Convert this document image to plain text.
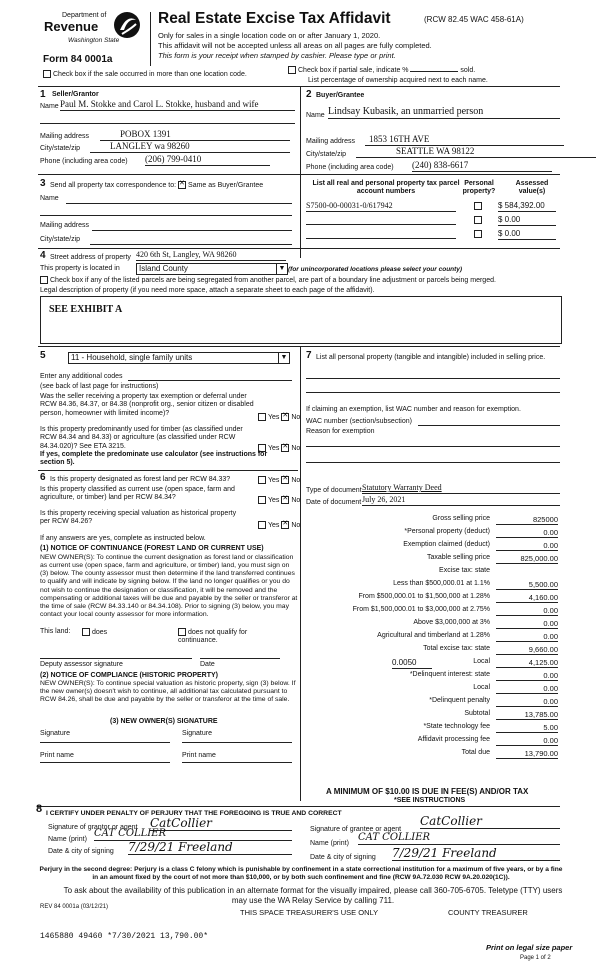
Department of
Revenue
Washington State
Form 84 0001a
Real Estate Excise Tax Affidavit	(RCW 82.45 WAC 458-61A)
Only for sales in a single location code on or after January 1, 2020.
This affidavit will not be accepted unless all areas on all pages are fully completed.
This form is your receipt when stamped by cashier. Please type or print.
Check box if the sale occurred in more than one location code.
Check box if partial sale, indicate %	sold.
List percentage of ownership acquired next to each name.
1 Seller/Grantor
Name Paul M. Stokke and Carol L. Stokke, husband and wife
Mailing address	POBOX 1391
City/state/zip	LANGLEY wa 98260
Phone (including area code) (206) 799-0410
2 Buyer/Grantee
Name Lindsay Kubasik, an unmarried person
Mailing address	1853 16TH AVE
City/state/zip	SEATTLE WA 98122
Phone (including area code) (240) 838-6617
3 Send all property tax correspondence to: ✕ Same as Buyer/Grantee
Name
Mailing address
City/state/zip
List all real and personal property tax parcel account numbers
Personal property?
Assessed value(s)
S7500-00-00031-0/617942	$ 584,392.00
$ 0.00
$ 0.00
4 Street address of property 420 6th St, Langley, WA 98260
This property is located in	Island County	▼ (for unincorporated locations please select your county)
Check box if any of the listed parcels are being segregated from another parcel, are part of a boundary line adjustment or parcels being merged.
Legal description of property (if you need more space, attach a separate sheet to each page of the affidavit).
SEE EXHIBIT A
5	11 - Household, single family units	▼
Enter any additional codes
(see back of last page for instructions)
Was the seller receiving a property tax exemption or deferral under RCW 84.36, 84.37, or 84.38 (nonprofit org., senior citizen or disabled person, homeowner with limited income)?
Yes ✕ No
Is this property predominantly used for timber (as classified under RCW 84.34 and 84.33) or agriculture (as classified under RCW 84.34.020)? See ETA 3215.	Yes ✕ No
If yes, complete the predominate use calculator (see instructions for section 5).
6 Is this property designated as forest land per RCW 84.33?	Yes ✕ No
Is this property classified as current use (open space, farm and agriculture, or timber) land per RCW 84.34?	Yes ✕ No
Is this property receiving special valuation as historical property per RCW 84.26?	Yes ✕ No
If any answers are yes, complete as instructed below.
(1) NOTICE OF CONTINUANCE (FOREST LAND OR CURRENT USE)
NEW OWNER(S): To continue the current designation as forest land or classification as current use (open space, farm and agriculture, or timber) land, you must sign on (3) below. The county assessor must then determine if the land transferred continues to qualify and will indicate by signing below. If the land no longer qualifies or you do not wish to continue the designation or classification, it will be removed and the compensating or additional taxes will be due and payable by the seller or transferor at the time of sale (RCW 84.33.140 or 84.34.108). Prior to signing (3) below, you may contact your local county assessor for more information.
This land:	does	does not qualify for continuance.
Deputy assessor signature	Date
(2) NOTICE OF COMPLIANCE (HISTORIC PROPERTY)
NEW OWNER(S): To continue special valuation as historic property, sign (3) below. If the new owner(s) doesn't wish to continue, all additional tax calculated pursuant to RCW 84.26, shall be due and payable by the seller or transferor at the time of sale.
(3) NEW OWNER(S) SIGNATURE
Signature	Signature
Print name	Print name
7 List all personal property (tangible and intangible) included in selling price.
If claiming an exemption, list WAC number and reason for exemption.
WAC number (section/subsection)
Reason for exemption
Type of document Statutory Warranty Deed
Date of document July 26, 2021
Gross selling price	825000
*Personal property (deduct)	0.00
Exemption claimed (deduct)	0.00
Taxable selling price	825,000.00
Excise tax: state
Less than $500,000.01 at 1.1%	5,500.00
From $500,000.01 to $1,500,000 at 1.28%	4,160.00
From $1,500,000.01 to $3,000,000 at 2.75%	0.00
Above $3,000,000 at 3%	0.00
Agricultural and timberland at 1.28%	0.00
Total excise tax: state	9,660.00
0.0050	Local	4,125.00
*Delinquent interest: state	0.00
Local	0.00
*Delinquent penalty	0.00
Subtotal	13,785.00
*State technology fee	5.00
Affidavit processing fee	0.00
Total due	13,790.00
A MINIMUM OF $10.00 IS DUE IN FEE(S) AND/OR TAX
*SEE INSTRUCTIONS
8 I CERTIFY UNDER PENALTY OF PERJURY THAT THE FOREGOING IS TRUE AND CORRECT
Signature of grantor or agent CatCollier
Name (print)
CAT COLLIER
Date & city of signing 7/29/21 Freeland
Signature of grantee or agent
CatCollier
Name (print)
CAT COLLIER
Date & city of signing 7/29/21 Freeland
Perjury in the second degree: Perjury is a class C felony which is punishable by confinement in a state correctional institution for a maximum of five years, or by a fine in an amount fixed by the court of not more than $10,000, or by both such confinement and fine (RCW 9A.72.030 RCW 9A.20.020(1C)).
To ask about the availability of this publication in an alternate format for the visually impaired, please call 360-705-6705. Teletype (TTY) users may use the WA Relay Service by calling 711.
REV 84 0001a (03/12/21)
THIS SPACE TREASURER'S USE ONLY	COUNTY TREASURER
1465880 49460 *7/30/2021 13,790.00*
Print on legal size paper
Page 1 of 2
